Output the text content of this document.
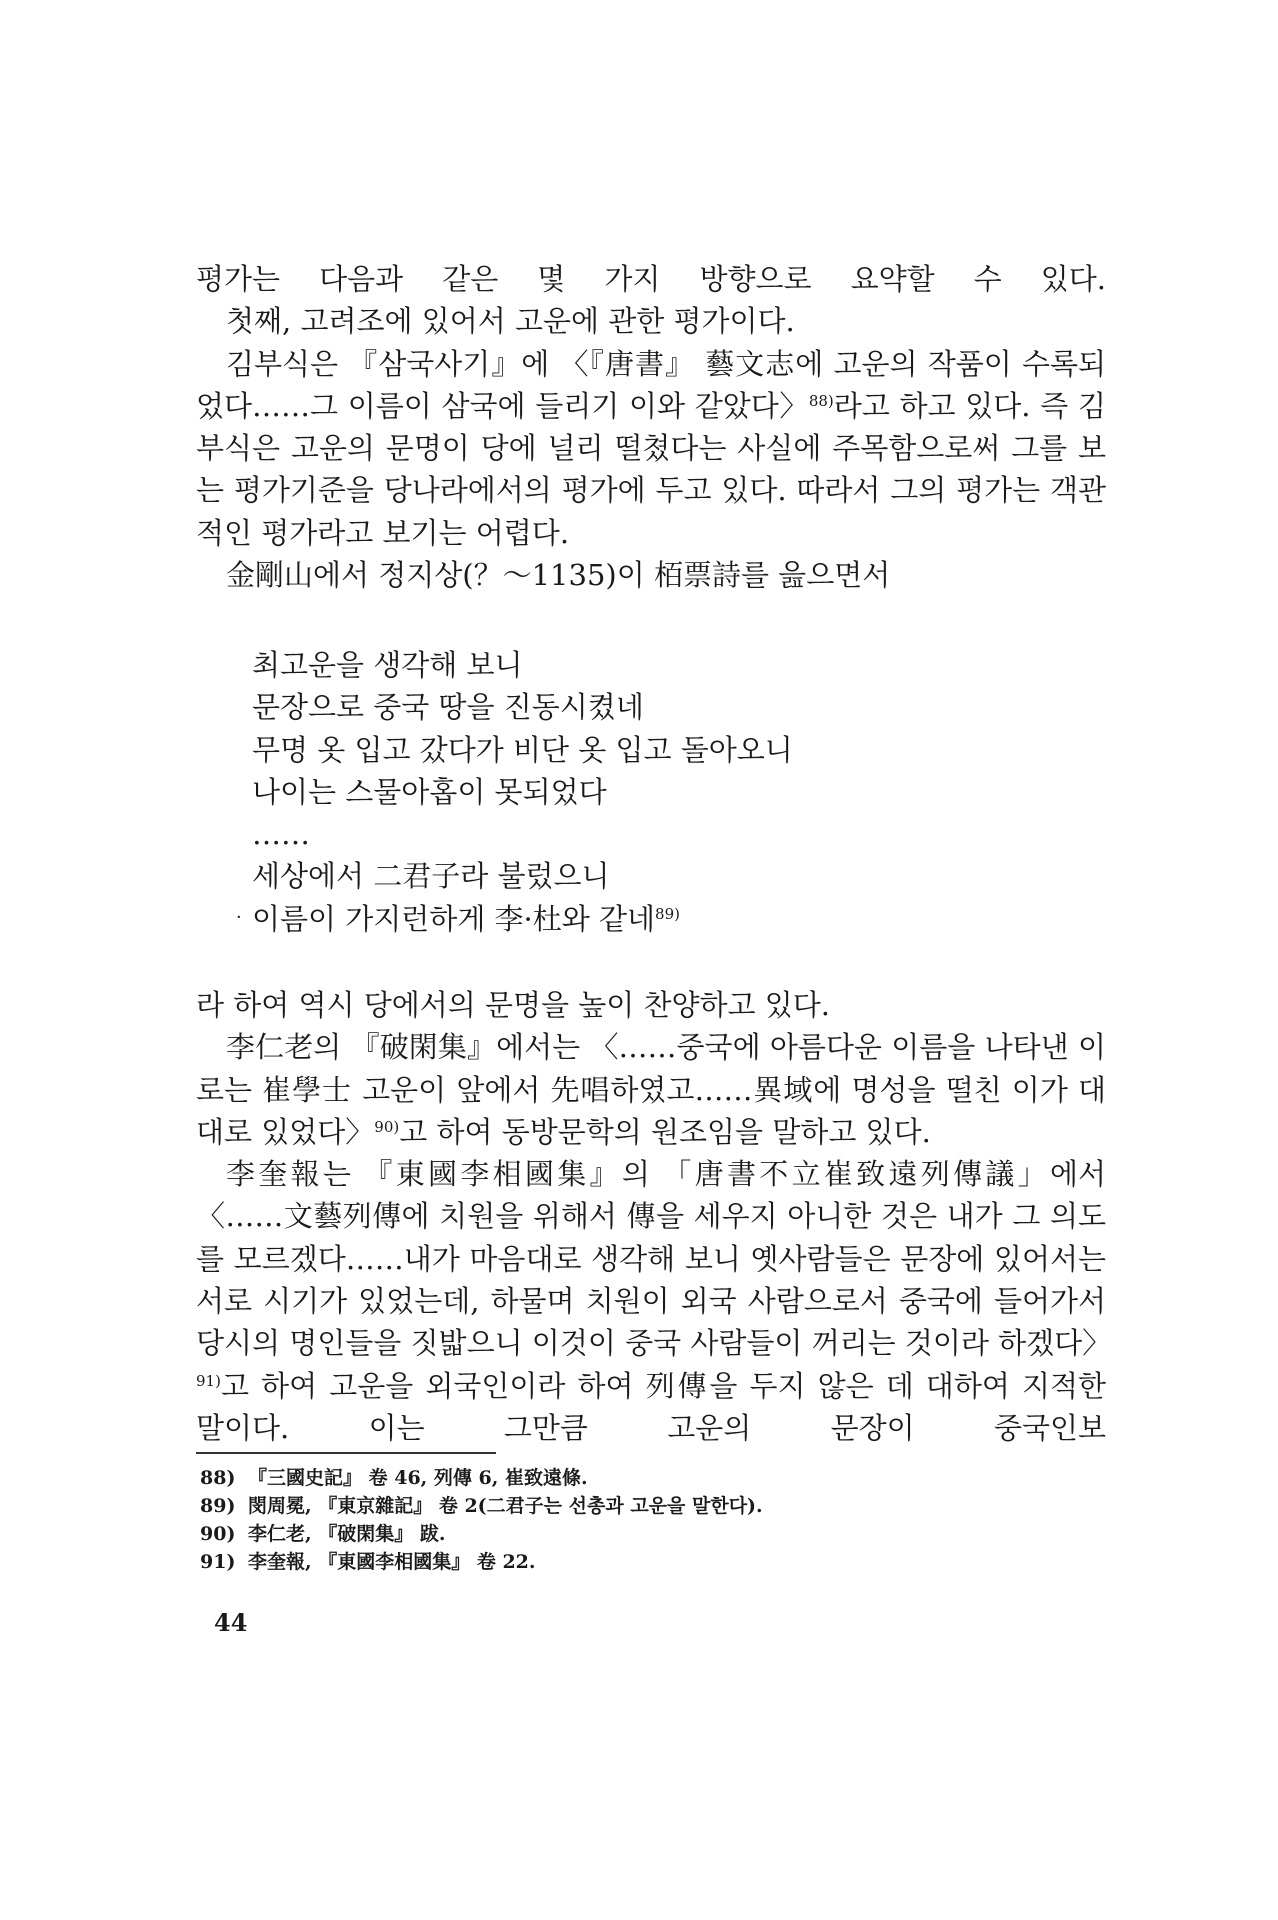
평가는 다음과 같은 몇 가지 방향으로 요약할 수 있다.

첫째, 고려조에 있어서 고운에 관한 평가이다.

김부식은 『삼국사기』에 〈『唐書』 藝文志에 고운의 작품이 수록되었다……그 이름이 삼국에 들리기 이와 같았다〉$^{88)}$라고 하고 있다. 즉 김부식은 고운의 문명이 당에 널리 떨쳤다는 사실에 주목함으로써 그를 보는 평가기준을 당나라에서의 평가에 두고 있다. 따라서 그의 평가는 객관적인 평가라고 보기는 어렵다.

金剛山에서 정지상(？～1135)이 栢票詩를 읊으면서

최고운을 생각해 보니
문장으로 중국 땅을 진동시켰네
무명 옷 입고 갔다가 비단 옷 입고 돌아오니
나이는 스물아홉이 못되었다
……
세상에서 二君子라 불렀으니
이름이 가지런하게 李·杜와 같네$^{89)}$
·

라 하여 역시 당에서의 문명을 높이 찬양하고 있다.

李仁老의 『破閑集』에서는 〈……중국에 아름다운 이름을 나타낸 이로는 崔學士 고운이 앞에서 先唱하였고……異域에 명성을 떨친 이가 대대로 있었다〉$^{90)}$고 하여 동방문학의 원조임을 말하고 있다.

李奎報는 『東國李相國集』의 「唐書不立崔致遠列傳議」에서 〈……文藝列傳에 치원을 위해서 傳을 세우지 아니한 것은 내가 그 의도를 모르겠다……내가 마음대로 생각해 보니 옛사람들은 문장에 있어서는 서로 시기가 있었는데, 하물며 치원이 외국 사람으로서 중국에 들어가서 당시의 명인들을 짓밟으니 이것이 중국 사람들이 꺼리는 것이라 하겠다〉$^{91)}$고 하여 고운을 외국인이라 하여 列傳을 두지 않은 데 대하여 지적한 말이다. 이는 그만큼 고운의 문장이 중국인보

88) 『三國史記』 卷 46, 列傳 6, 崔致遠條.
89) 閔周冕, 『東京雜記』 卷 2(二君子는 선총과 고운을 말한다).
90) 李仁老, 『破閑集』 跋.
91) 李奎報, 『東國李相國集』 卷 22.
44
